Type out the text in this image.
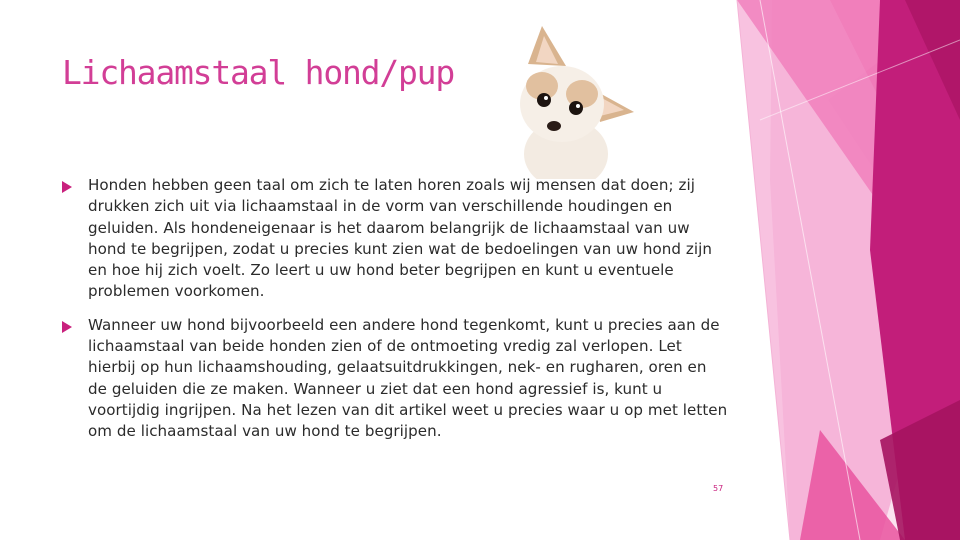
Lichaamstaal hond/pup
Honden hebben geen taal om zich te laten horen zoals wij mensen dat doen; zij drukken zich uit via lichaamstaal in de vorm van verschillende houdingen en geluiden. Als hondeneigenaar is het daarom belangrijk de lichaamstaal van uw hond te begrijpen, zodat u precies kunt zien wat de bedoelingen van uw hond zijn en hoe hij zich voelt. Zo leert u uw hond beter begrijpen en kunt u eventuele problemen voorkomen.
Wanneer uw hond bijvoorbeeld een andere hond tegenkomt, kunt u precies aan de lichaamstaal van beide honden zien of de ontmoeting vredig zal verlopen. Let hierbij op hun lichaamshouding, gelaatsuitdrukkingen, nek- en rugharen, oren en de geluiden die ze maken. Wanneer u ziet dat een hond agressief is, kunt u voortijdig ingrijpen. Na het lezen van dit artikel weet u precies waar u op met letten om de lichaamstaal van uw hond te begrijpen.
57
